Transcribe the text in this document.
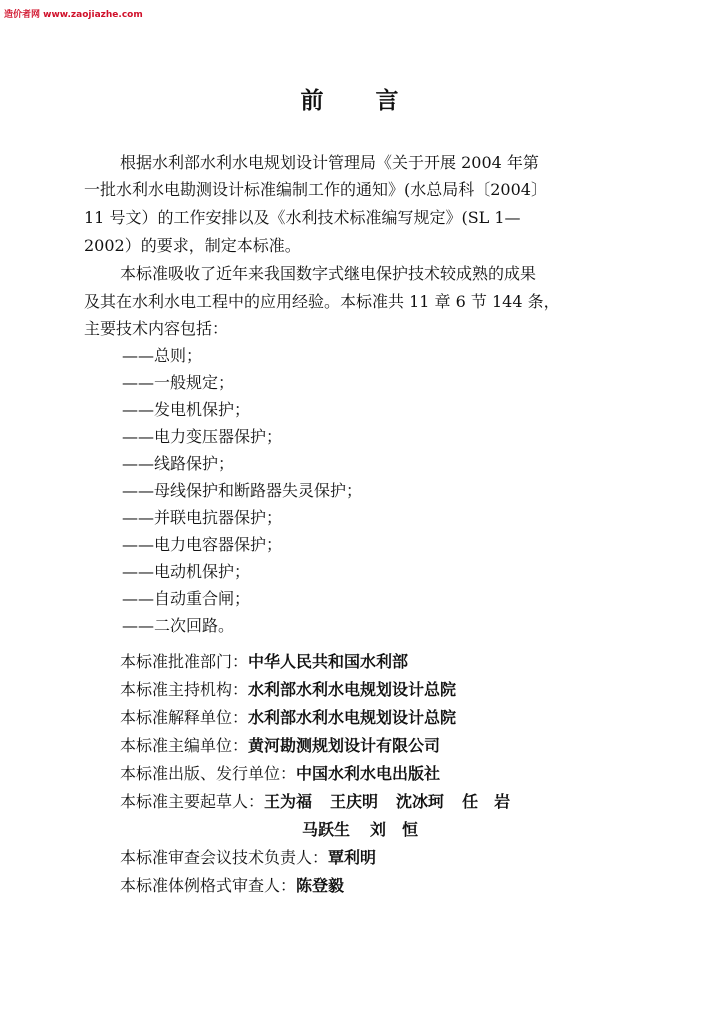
造价者网 www.zaojiazhe.com
前 言
根据水利部水利水电规划设计管理局《关于开展 2004 年第
一批水利水电勘测设计标准编制工作的通知》(水总局科〔2004〕
11 号文）的工作安排以及《水利技术标准编写规定》(SL 1—
2002）的要求，制定本标准。
本标准吸收了近年来我国数字式继电保护技术较成熟的成果
及其在水利水电工程中的应用经验。本标准共 11 章 6 节 144 条，
主要技术内容包括：
——总则；
——一般规定；
——发电机保护；
——电力变压器保护；
——线路保护；
——母线保护和断路器失灵保护；
——并联电抗器保护；
——电力电容器保护；
——电动机保护；
——自动重合闸；
——二次回路。
本标准批准部门：中华人民共和国水利部
本标准主持机构：水利部水利水电规划设计总院
本标准解释单位：水利部水利水电规划设计总院
本标准主编单位：黄河勘测规划设计有限公司
本标准出版、发行单位：中国水利水电出版社
本标准主要起草人：王为福 王庆明 沈冰珂 任　岩
马跃生 刘　恒
本标准审查会议技术负责人：覃利明
本标准体例格式审查人：陈登毅
